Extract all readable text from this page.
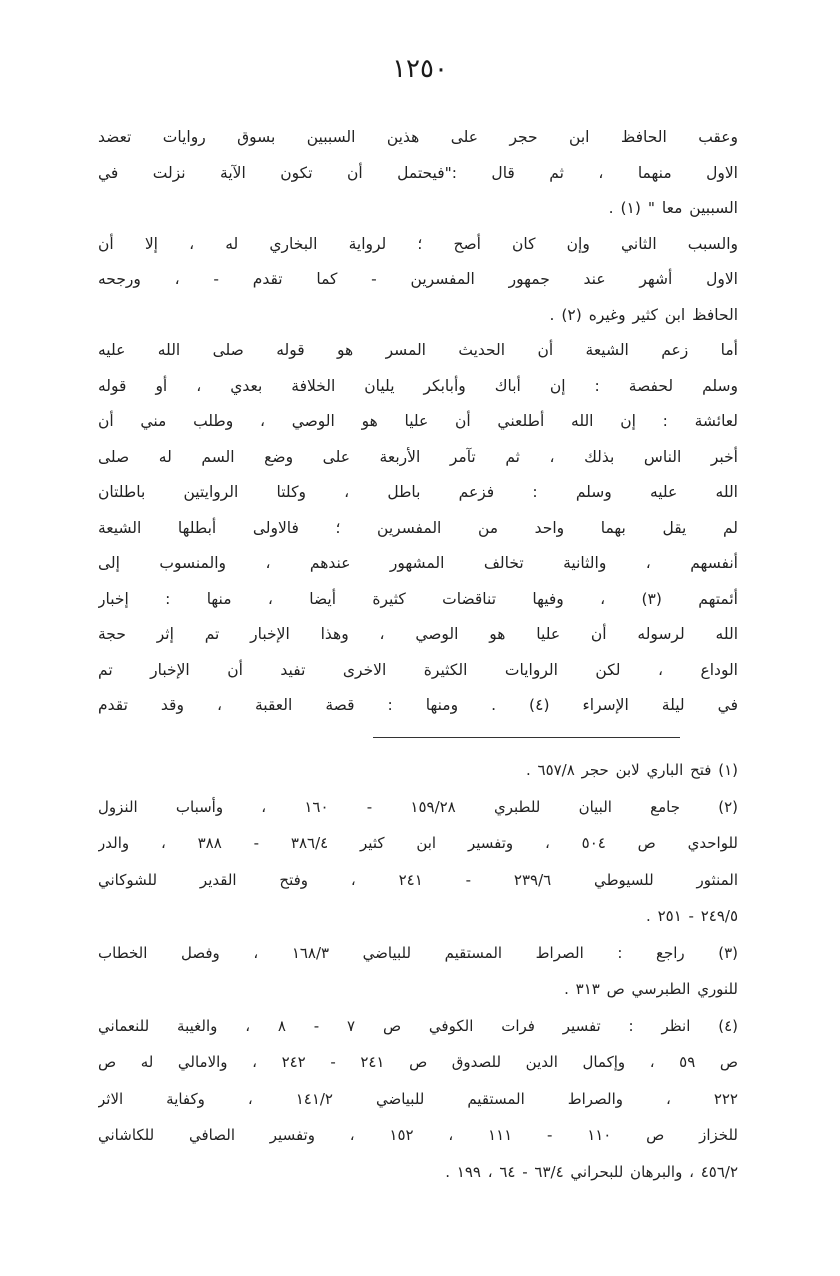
١٢٥٠
وعقب الحافظ ابن حجر على هذين السببين بسوق روايات تعضد
الاول منهما ، ثم قال :"فيحتمل أن تكون الآية نزلت في
السببين معا " (١) .
والسبب الثاني وإن كان أصح ؛ لرواية البخاري له ، إلا أن
الاول أشهر عند جمهور المفسرين - كما تقدم - ، ورجحه
الحافظ ابن كثير وغيره (٢) .
أما زعم الشيعة أن الحديث المسر هو قوله صلى الله عليه
وسلم لحفصة : إن أباك وأبابكر يليان الخلافة بعدي ، أو قوله
لعائشة : إن الله أطلعني أن عليا هو الوصي ، وطلب مني أن
أخبر الناس بذلك ، ثم تآمر الأربعة على وضع السم له صلى
الله عليه وسلم : فزعم باطل ، وكلتا الروايتين باطلتان
لم يقل بهما واحد من المفسرين ؛ فالاولى أبطلها الشيعة
أنفسهم ، والثانية تخالف المشهور عندهم ، والمنسوب إلى
أئمتهم (٣) ، وفيها تناقضات كثيرة أيضا ، منها : إخبار
الله لرسوله أن عليا هو الوصي ، وهذا الإخبار تم إثر حجة
الوداع ، لكن الروايات الكثيرة الاخرى تفيد أن الإخبار تم
في ليلة الإسراء (٤) . ومنها : قصة العقبة ، وقد تقدم
(١) فتح الباري لابن حجر ٦٥٧/٨ .
(٢) جامع البيان للطبري ١٥٩/٢٨ - ١٦٠ ، وأسباب النزول
للواحدي ص ٥٠٤ ، وتفسير ابن كثير ٣٨٦/٤ - ٣٨٨ ، والدر
المنثور للسيوطي ٢٣٩/٦ - ٢٤١ ، وفتح القدير للشوكاني
٢٤٩/٥ - ٢٥١ .
(٣) راجع : الصراط المستقيم للبياضي ١٦٨/٣ ، وفصل الخطاب
للنوري الطبرسي ص ٣١٣ .
(٤) انظر : تفسير فرات الكوفي ص ٧ - ٨ ، والغيبة للنعماني
ص ٥٩ ، وإكمال الدين للصدوق ص ٢٤١ - ٢٤٢ ، والامالي له ص
٢٢٢ ، والصراط المستقيم للبياضي ١٤١/٢ ، وكفاية الاثر
للخزاز ص ١١٠ - ١١١ ، ١٥٢ ، وتفسير الصافي للكاشاني
٤٥٦/٢ ، والبرهان للبحراني ٦٣/٤ - ٦٤ ، ١٩٩ .
